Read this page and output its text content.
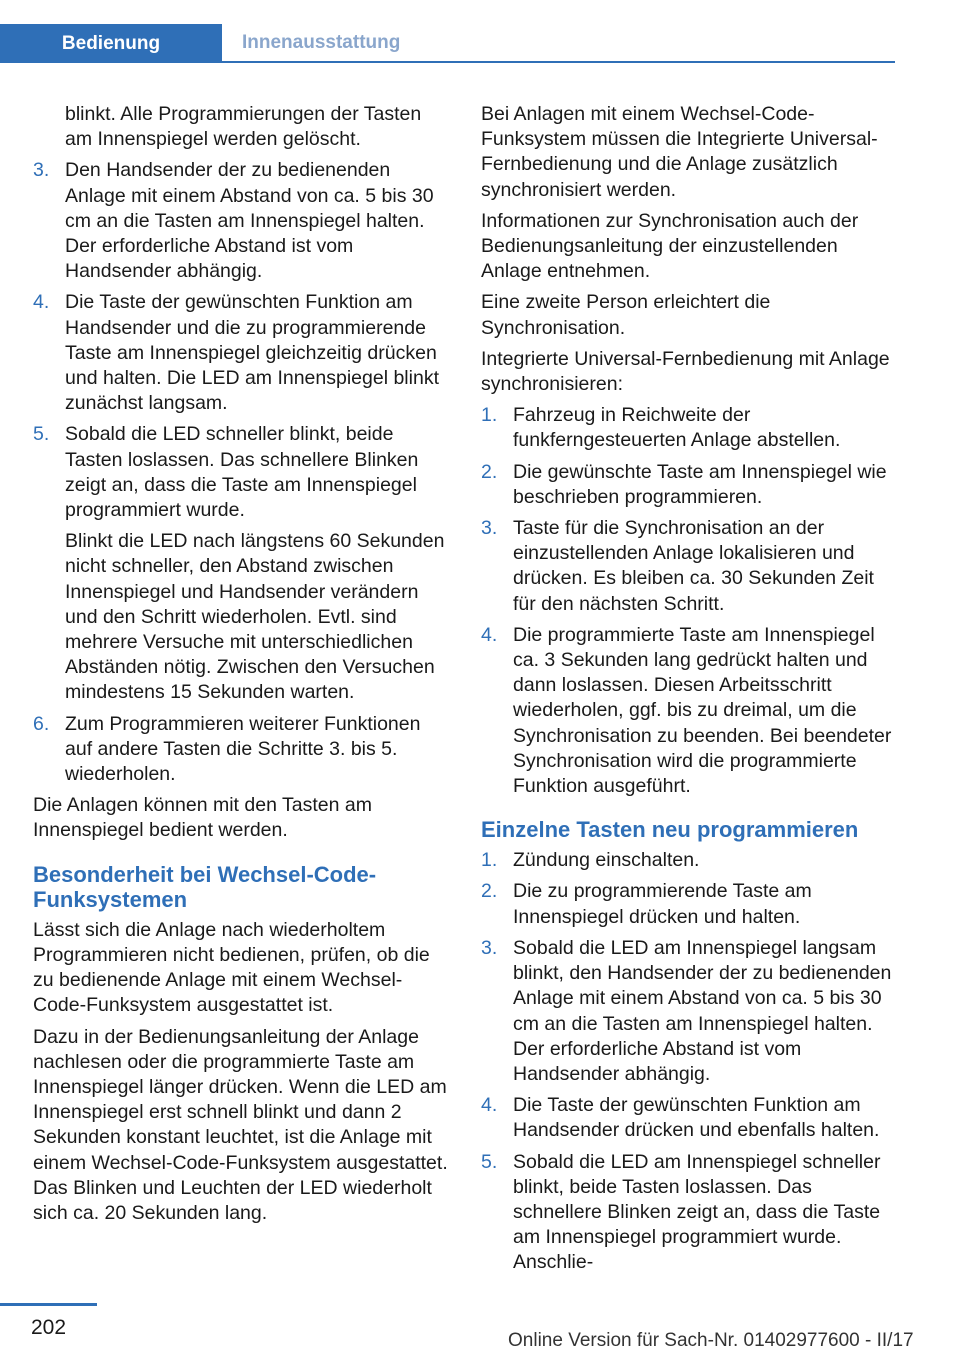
Bedienung	Innenausstattung

blinkt. Alle Programmierungen der Tasten am Innenspiegel werden gelöscht.

3. Den Handsender der zu bedienenden Anlage mit einem Abstand von ca. 5 bis 30 cm an die Tasten am Innenspiegel halten. Der erforderliche Abstand ist vom Handsender abhängig.
4. Die Taste der gewünschten Funktion am Handsender und die zu programmierende Taste am Innenspiegel gleichzeitig drücken und halten. Die LED am Innenspiegel blinkt zunächst langsam.
5. Sobald die LED schneller blinkt, beide Tasten loslassen. Das schnellere Blinken zeigt an, dass die Taste am Innenspiegel programmiert wurde.
Blinkt die LED nach längstens 60 Sekunden nicht schneller, den Abstand zwischen Innenspiegel und Handsender verändern und den Schritt wiederholen. Evtl. sind mehrere Versuche mit unterschiedlichen Abständen nötig. Zwischen den Versuchen mindestens 15 Sekunden warten.
6. Zum Programmieren weiterer Funktionen auf andere Tasten die Schritte 3. bis 5. wiederholen.

Die Anlagen können mit den Tasten am Innenspiegel bedient werden.

Besonderheit bei Wechsel-Code-Funksystemen

Lässt sich die Anlage nach wiederholtem Programmieren nicht bedienen, prüfen, ob die zu bedienende Anlage mit einem Wechsel-Code-Funksystem ausgestattet ist.

Dazu in der Bedienungsanleitung der Anlage nachlesen oder die programmierte Taste am Innenspiegel länger drücken. Wenn die LED am Innenspiegel erst schnell blinkt und dann 2 Sekunden konstant leuchtet, ist die Anlage mit einem Wechsel-Code-Funksystem ausgestattet. Das Blinken und Leuchten der LED wiederholt sich ca. 20 Sekunden lang.

Bei Anlagen mit einem Wechsel-Code-Funksystem müssen die Integrierte Universal-Fernbedienung und die Anlage zusätzlich synchronisiert werden.

Informationen zur Synchronisation auch der Bedienungsanleitung der einzustellenden Anlage entnehmen.

Eine zweite Person erleichtert die Synchronisation.

Integrierte Universal-Fernbedienung mit Anlage synchronisieren:

1. Fahrzeug in Reichweite der funkferngesteuerten Anlage abstellen.
2. Die gewünschte Taste am Innenspiegel wie beschrieben programmieren.
3. Taste für die Synchronisation an der einzustellenden Anlage lokalisieren und drücken. Es bleiben ca. 30 Sekunden Zeit für den nächsten Schritt.
4. Die programmierte Taste am Innenspiegel ca. 3 Sekunden lang gedrückt halten und dann loslassen. Diesen Arbeitsschritt wiederholen, ggf. bis zu dreimal, um die Synchronisation zu beenden. Bei beendeter Synchronisation wird die programmierte Funktion ausgeführt.
Einzelne Tasten neu programmieren
1. Zündung einschalten.
2. Die zu programmierende Taste am Innenspiegel drücken und halten.
3. Sobald die LED am Innenspiegel langsam blinkt, den Handsender der zu bedienenden Anlage mit einem Abstand von ca. 5 bis 30 cm an die Tasten am Innenspiegel halten. Der erforderliche Abstand ist vom Handsender abhängig.
4. Die Taste der gewünschten Funktion am Handsender drücken und ebenfalls halten.
5. Sobald die LED am Innenspiegel schneller blinkt, beide Tasten loslassen. Das schnellere Blinken zeigt an, dass die Taste am Innenspiegel programmiert wurde. Anschlie-
202
Online Version für Sach-Nr. 01402977600 - II/17
